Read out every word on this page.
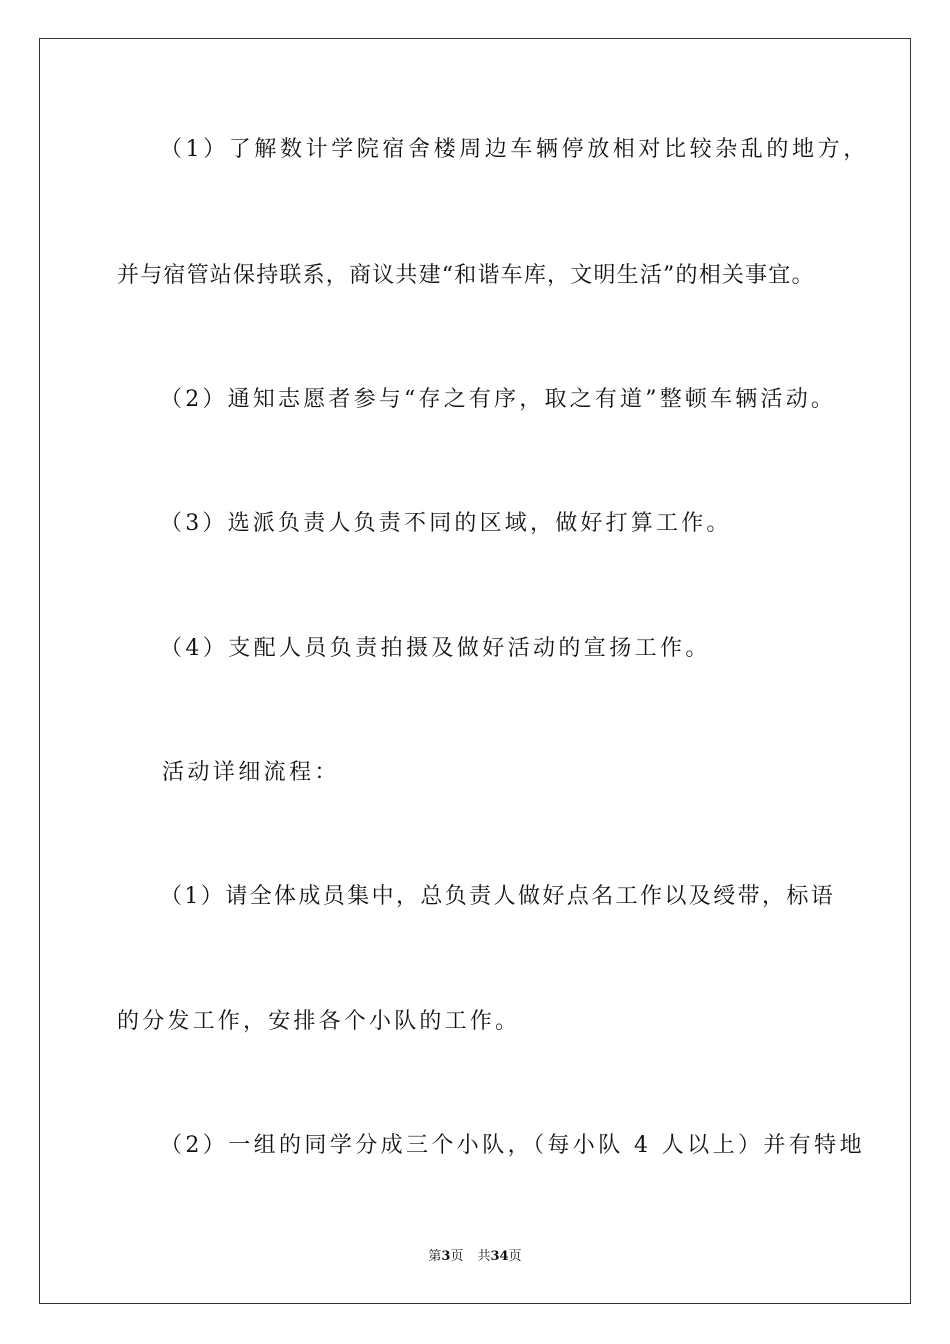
（1）了解数计学院宿舍楼周边车辆停放相对比较杂乱的地方，
并与宿管站保持联系，商议共建“和谐车库，文明生活”的相关事宜。
（2）通知志愿者参与“存之有序，取之有道”整顿车辆活动。
（3）选派负责人负责不同的区域，做好打算工作。
（4）支配人员负责拍摄及做好活动的宣扬工作。
活动详细流程：
（1）请全体成员集中，总负责人做好点名工作以及绶带，标语
的分发工作，安排各个小队的工作。
（2）一组的同学分成三个小队，（每小队 4 人以上）并有特地
第3页 共34页
